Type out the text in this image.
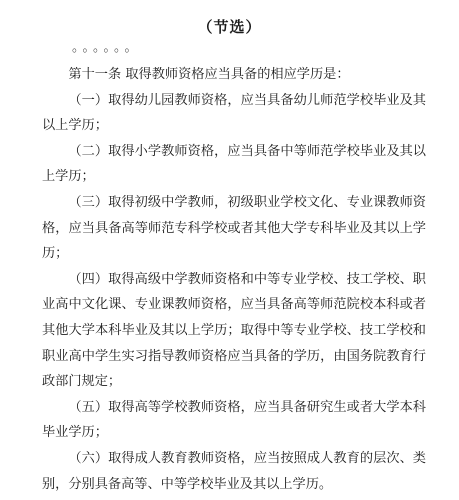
（节选）
。。。。。。

第十一条 取得教师资格应当具备的相应学历是：

（一）取得幼儿园教师资格，应当具备幼儿师范学校毕业及其以上学历；

（二）取得小学教师资格，应当具备中等师范学校毕业及其以上学历；

（三）取得初级中学教师，初级职业学校文化、专业课教师资格，应当具备高等师范专科学校或者其他大学专科毕业及其以上学历；

（四）取得高级中学教师资格和中等专业学校、技工学校、职业高中文化课、专业课教师资格，应当具备高等师范院校本科或者其他大学本科毕业及其以上学历；取得中等专业学校、技工学校和职业高中学生实习指导教师资格应当具备的学历，由国务院教育行政部门规定；

（五）取得高等学校教师资格，应当具备研究生或者大学本科毕业学历；

（六）取得成人教育教师资格，应当按照成人教育的层次、类别，分别具备高等、中等学校毕业及其以上学历。
